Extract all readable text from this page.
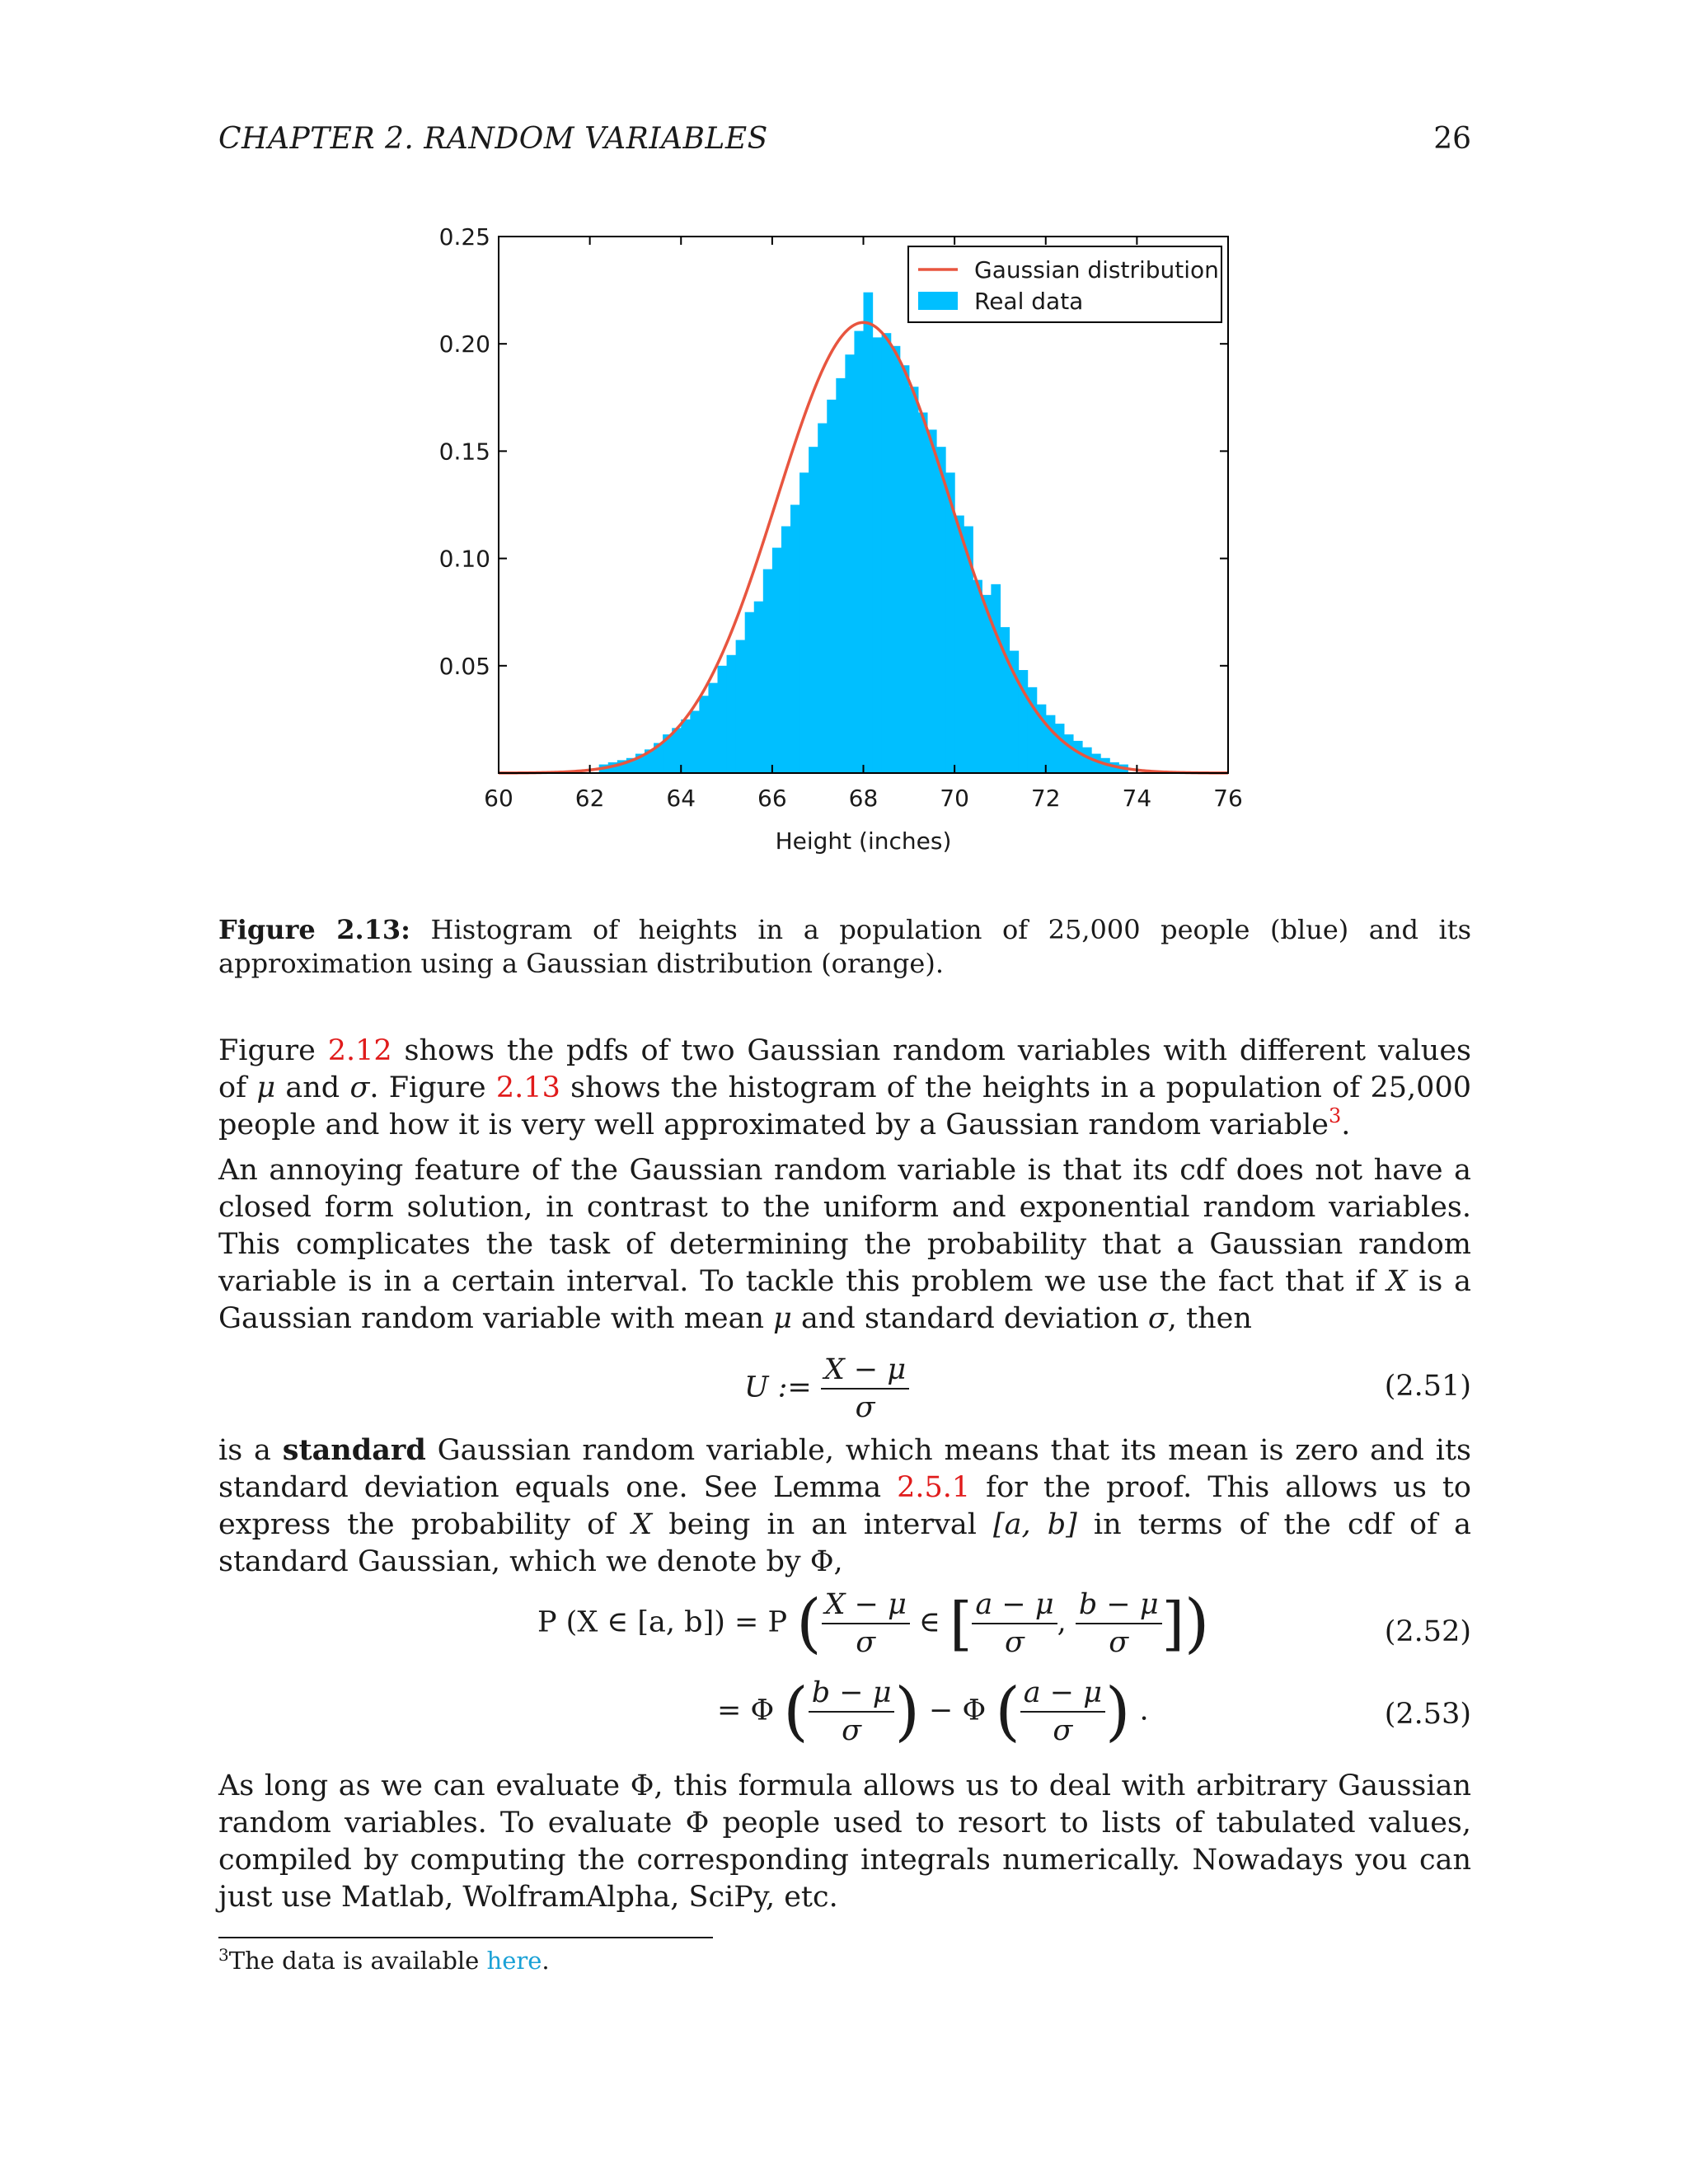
CHAPTER 2. RANDOM VARIABLES	26
60	62	64	66	68	70	72	74	76
0.05
0.10
0.15
0.20
0.25
Height (inches)
Gaussian distribution
Real data
Figure 2.13: Histogram of heights in a population of 25,000 people (blue) and its approximation using a Gaussian distribution (orange).
Figure 2.12 shows the pdfs of two Gaussian random variables with different values of μ and σ. Figure 2.13 shows the histogram of the heights in a population of 25,000 people and how it is very well approximated by a Gaussian random variable$^3$.
An annoying feature of the Gaussian random variable is that its cdf does not have a closed form solution, in contrast to the uniform and exponential random variables. This complicates the task of determining the probability that a Gaussian random variable is in a certain interval. To tackle this problem we use the fact that if X is a Gaussian random variable with mean μ and standard deviation σ, then
U := $\frac{X - \mu}{\sigma}$	(2.51)
is a standard Gaussian random variable, which means that its mean is zero and its standard deviation equals one. See Lemma 2.5.1 for the proof. This allows us to express the probability of X being in an interval [a, b] in terms of the cdf of a standard Gaussian, which we denote by Φ,
P (X ∈ [a, b]) = P ( $\frac{X - \mu}{\sigma}$ ∈ [ $\frac{a - \mu}{\sigma}$ , $\frac{b - \mu}{\sigma}$ ])	(2.52)
= Φ ( $\frac{b - \mu}{\sigma}$ ) − Φ ( $\frac{a - \mu}{\sigma}$ ) .	(2.53)
As long as we can evaluate Φ, this formula allows us to deal with arbitrary Gaussian random variables. To evaluate Φ people used to resort to lists of tabulated values, compiled by computing the corresponding integrals numerically. Nowadays you can just use Matlab, WolframAlpha, SciPy, etc.
$^3$The data is available here.
